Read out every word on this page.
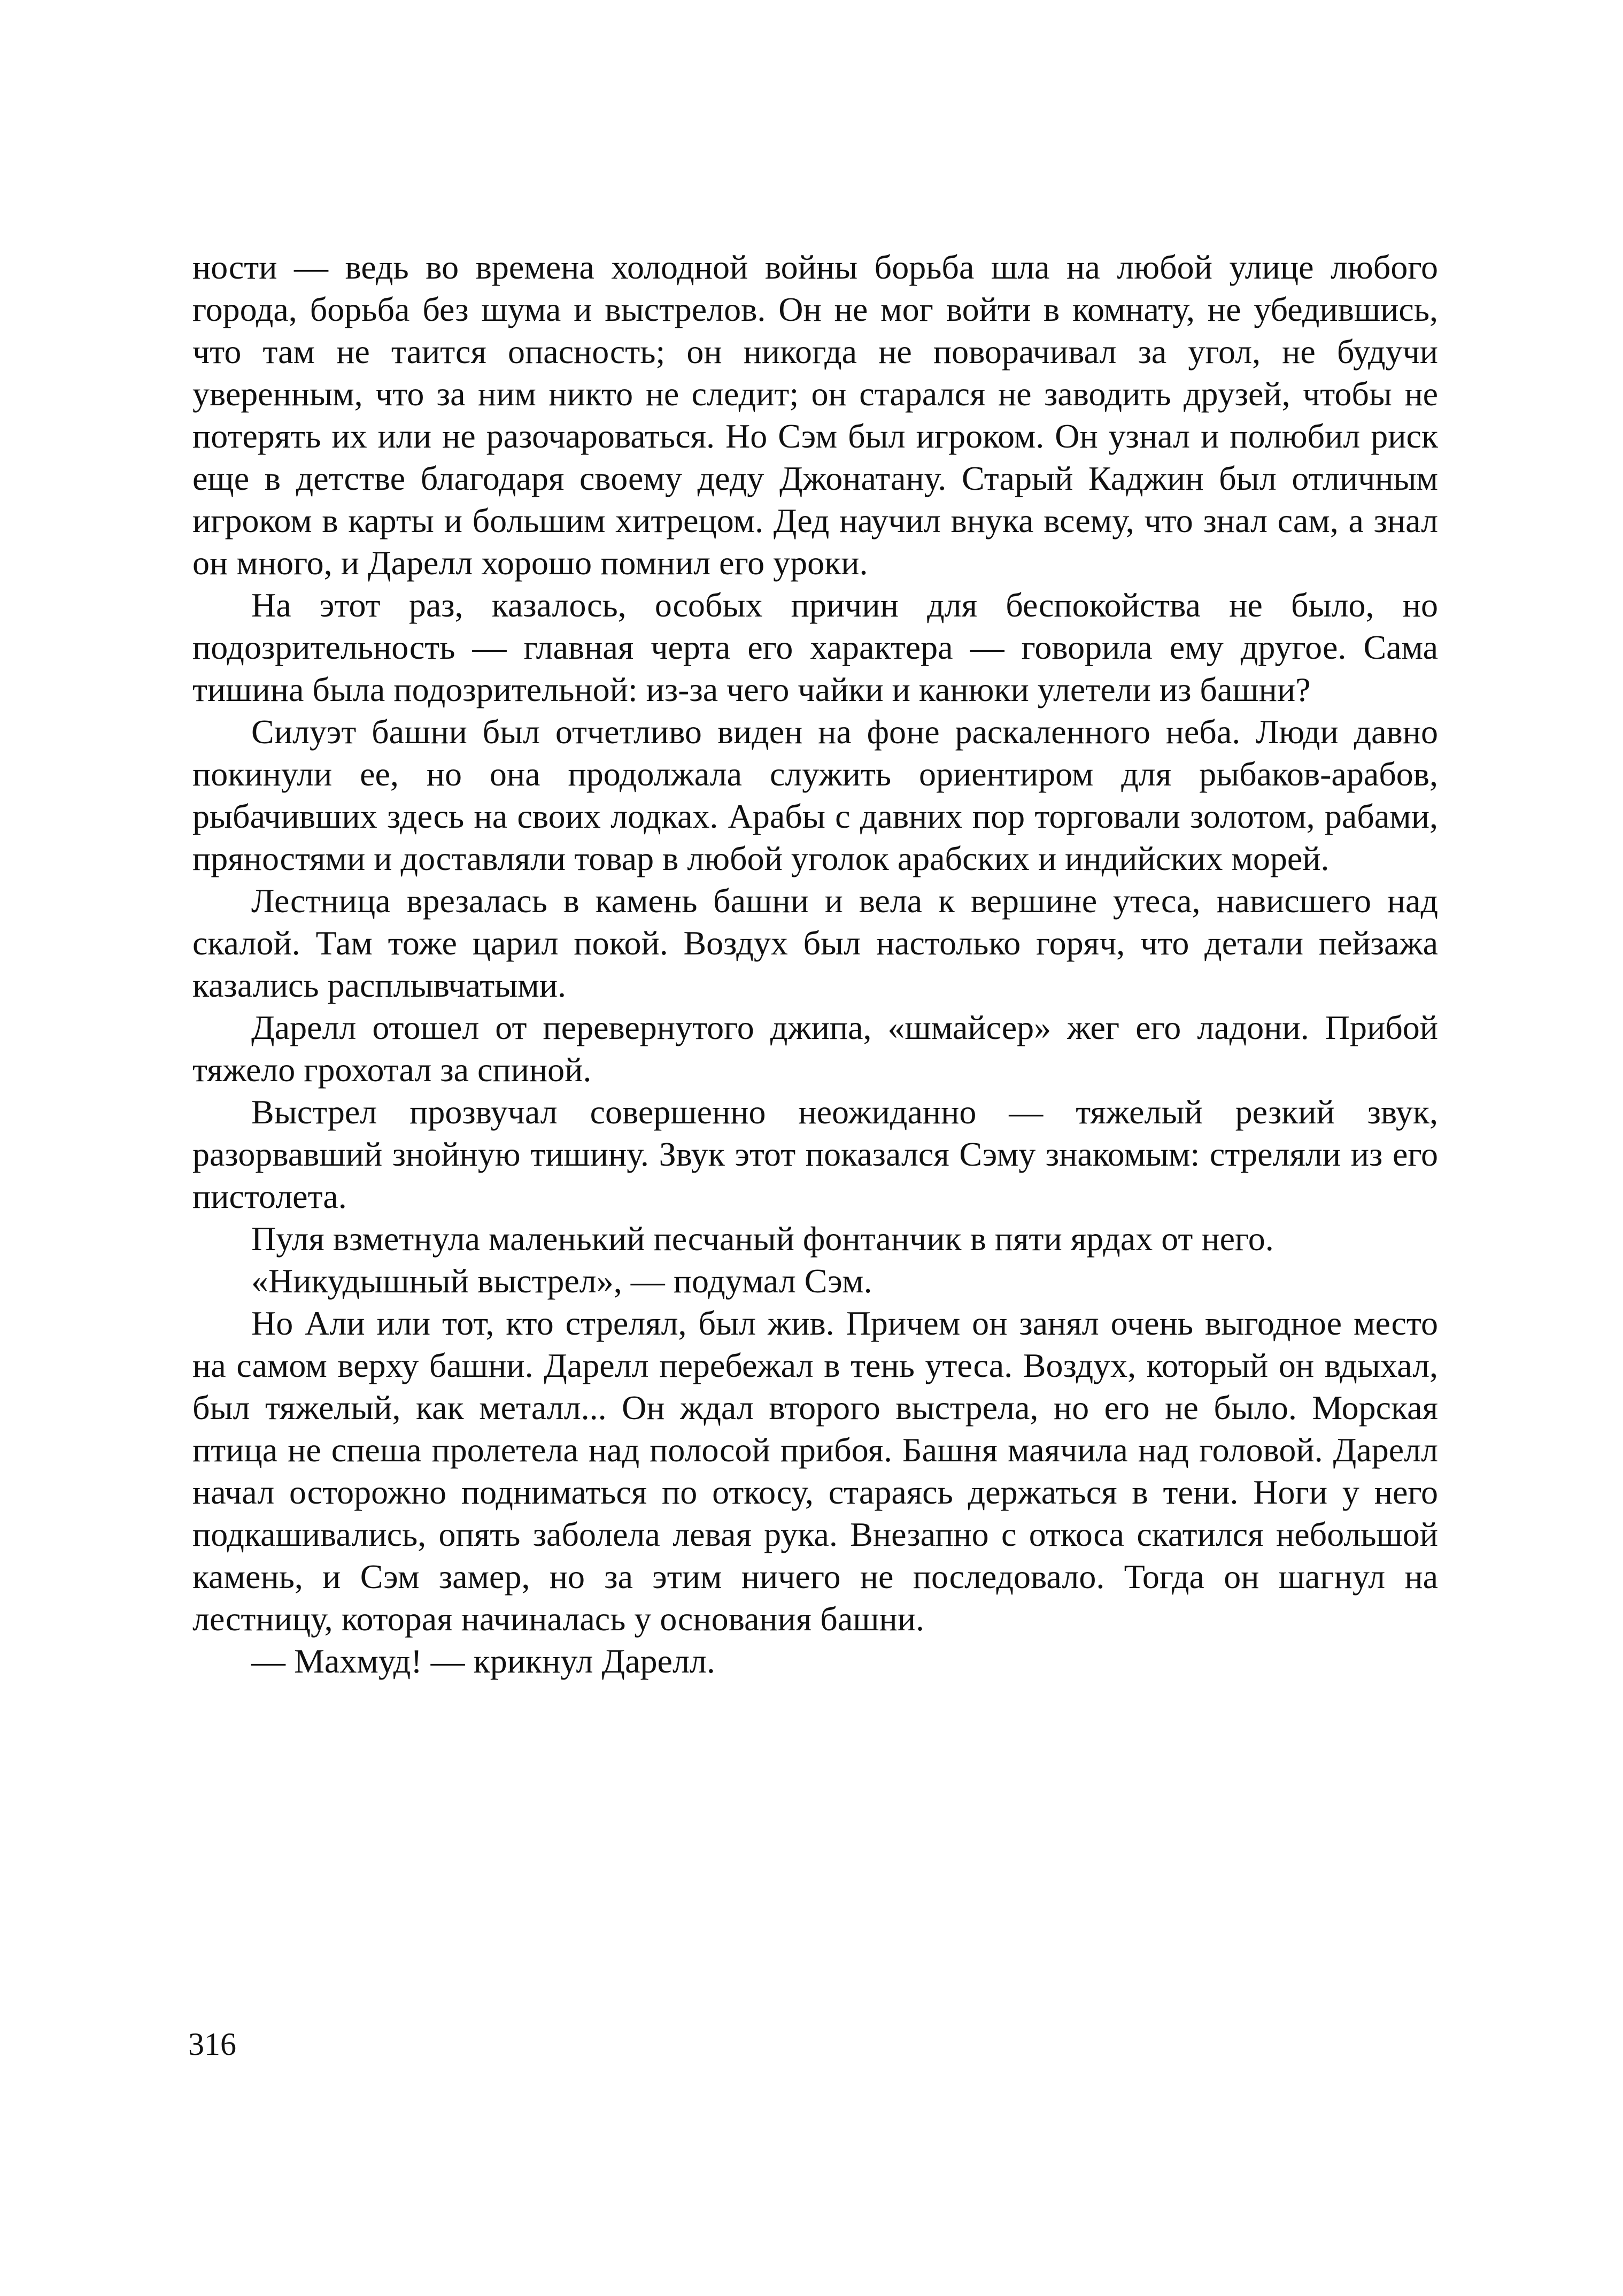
ности — ведь во времена холодной войны борьба шла на любой улице любого города, борьба без шума и выстрелов. Он не мог войти в комнату, не убедившись, что там не таится опасность; он никогда не поворачивал за угол, не будучи уверенным, что за ним никто не следит; он старался не заводить друзей, чтобы не потерять их или не разочароваться. Но Сэм был игроком. Он узнал и полюбил риск еще в детстве благодаря своему деду Джонатану. Старый Каджин был отличным игроком в карты и большим хитрецом. Дед научил внука всему, что знал сам, а знал он много, и Дарелл хорошо помнил его уроки.

На этот раз, казалось, особых причин для беспокойства не было, но подозрительность — главная черта его характера — говорила ему другое. Сама тишина была подозрительной: из-за чего чайки и канюки улетели из башни?

Силуэт башни был отчетливо виден на фоне раскаленного неба. Люди давно покинули ее, но она продолжала служить ориентиром для рыбаков-арабов, рыбачивших здесь на своих лодках. Арабы с давних пор торговали золотом, рабами, пряностями и доставляли товар в любой уголок арабских и индийских морей.

Лестница врезалась в камень башни и вела к вершине утеса, нависшего над скалой. Там тоже царил покой. Воздух был настолько горяч, что детали пейзажа казались расплывчатыми.

Дарелл отошел от перевернутого джипа, «шмайсер» жег его ладони. Прибой тяжело грохотал за спиной.

Выстрел прозвучал совершенно неожиданно — тяжелый резкий звук, разорвавший знойную тишину. Звук этот показался Сэму знакомым: стреляли из его пистолета.

Пуля взметнула маленький песчаный фонтанчик в пяти ярдах от него.

«Никудышный выстрел», — подумал Сэм.

Но Али или тот, кто стрелял, был жив. Причем он занял очень выгодное место на самом верху башни. Дарелл перебежал в тень утеса. Воздух, который он вдыхал, был тяжелый, как металл... Он ждал второго выстрела, но его не было. Морская птица не спеша пролетела над полосой прибоя. Башня маячила над головой. Дарелл начал осторожно подниматься по откосу, стараясь держаться в тени. Ноги у него подкашивались, опять заболела левая рука. Внезапно с откоса скатился небольшой камень, и Сэм замер, но за этим ничего не последовало. Тогда он шагнул на лестницу, которая начиналась у основания башни.

— Махмуд! — крикнул Дарелл.

316
